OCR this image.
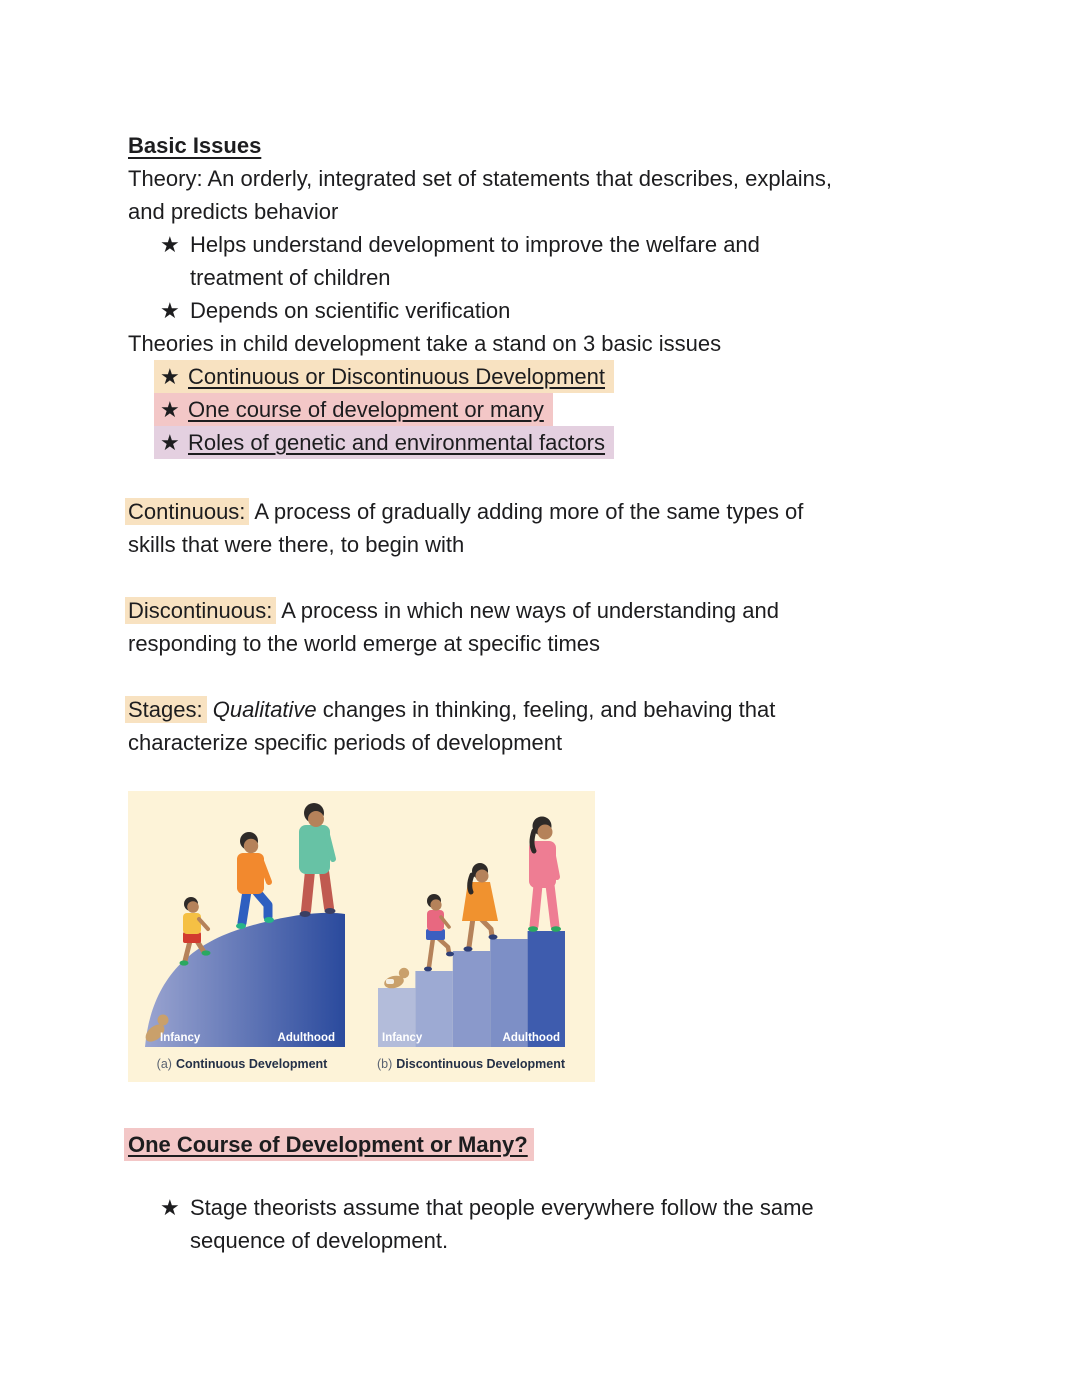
Basic Issues
Theory: An orderly, integrated set of statements that describes, explains,
and predicts behavior
★ Helps understand development to improve the welfare and
treatment of children
★ Depends on scientific verification
Theories in child development take a stand on 3 basic issues
★ Continuous or Discontinuous Development
★ One course of development or many
★ Roles of genetic and environmental factors
Continuous: A process of gradually adding more of the same types of
skills that were there, to begin with
Discontinuous: A process in which new ways of understanding and
responding to the world emerge at specific times
Stages: Qualitative changes in thinking, feeling, and behaving that
characterize specific periods of development
Infancy	Adulthood
(a) Continuous Development
Infancy	Adulthood
(b) Discontinuous Development
One Course of Development or Many?
★ Stage theorists assume that people everywhere follow the same
sequence of development.
